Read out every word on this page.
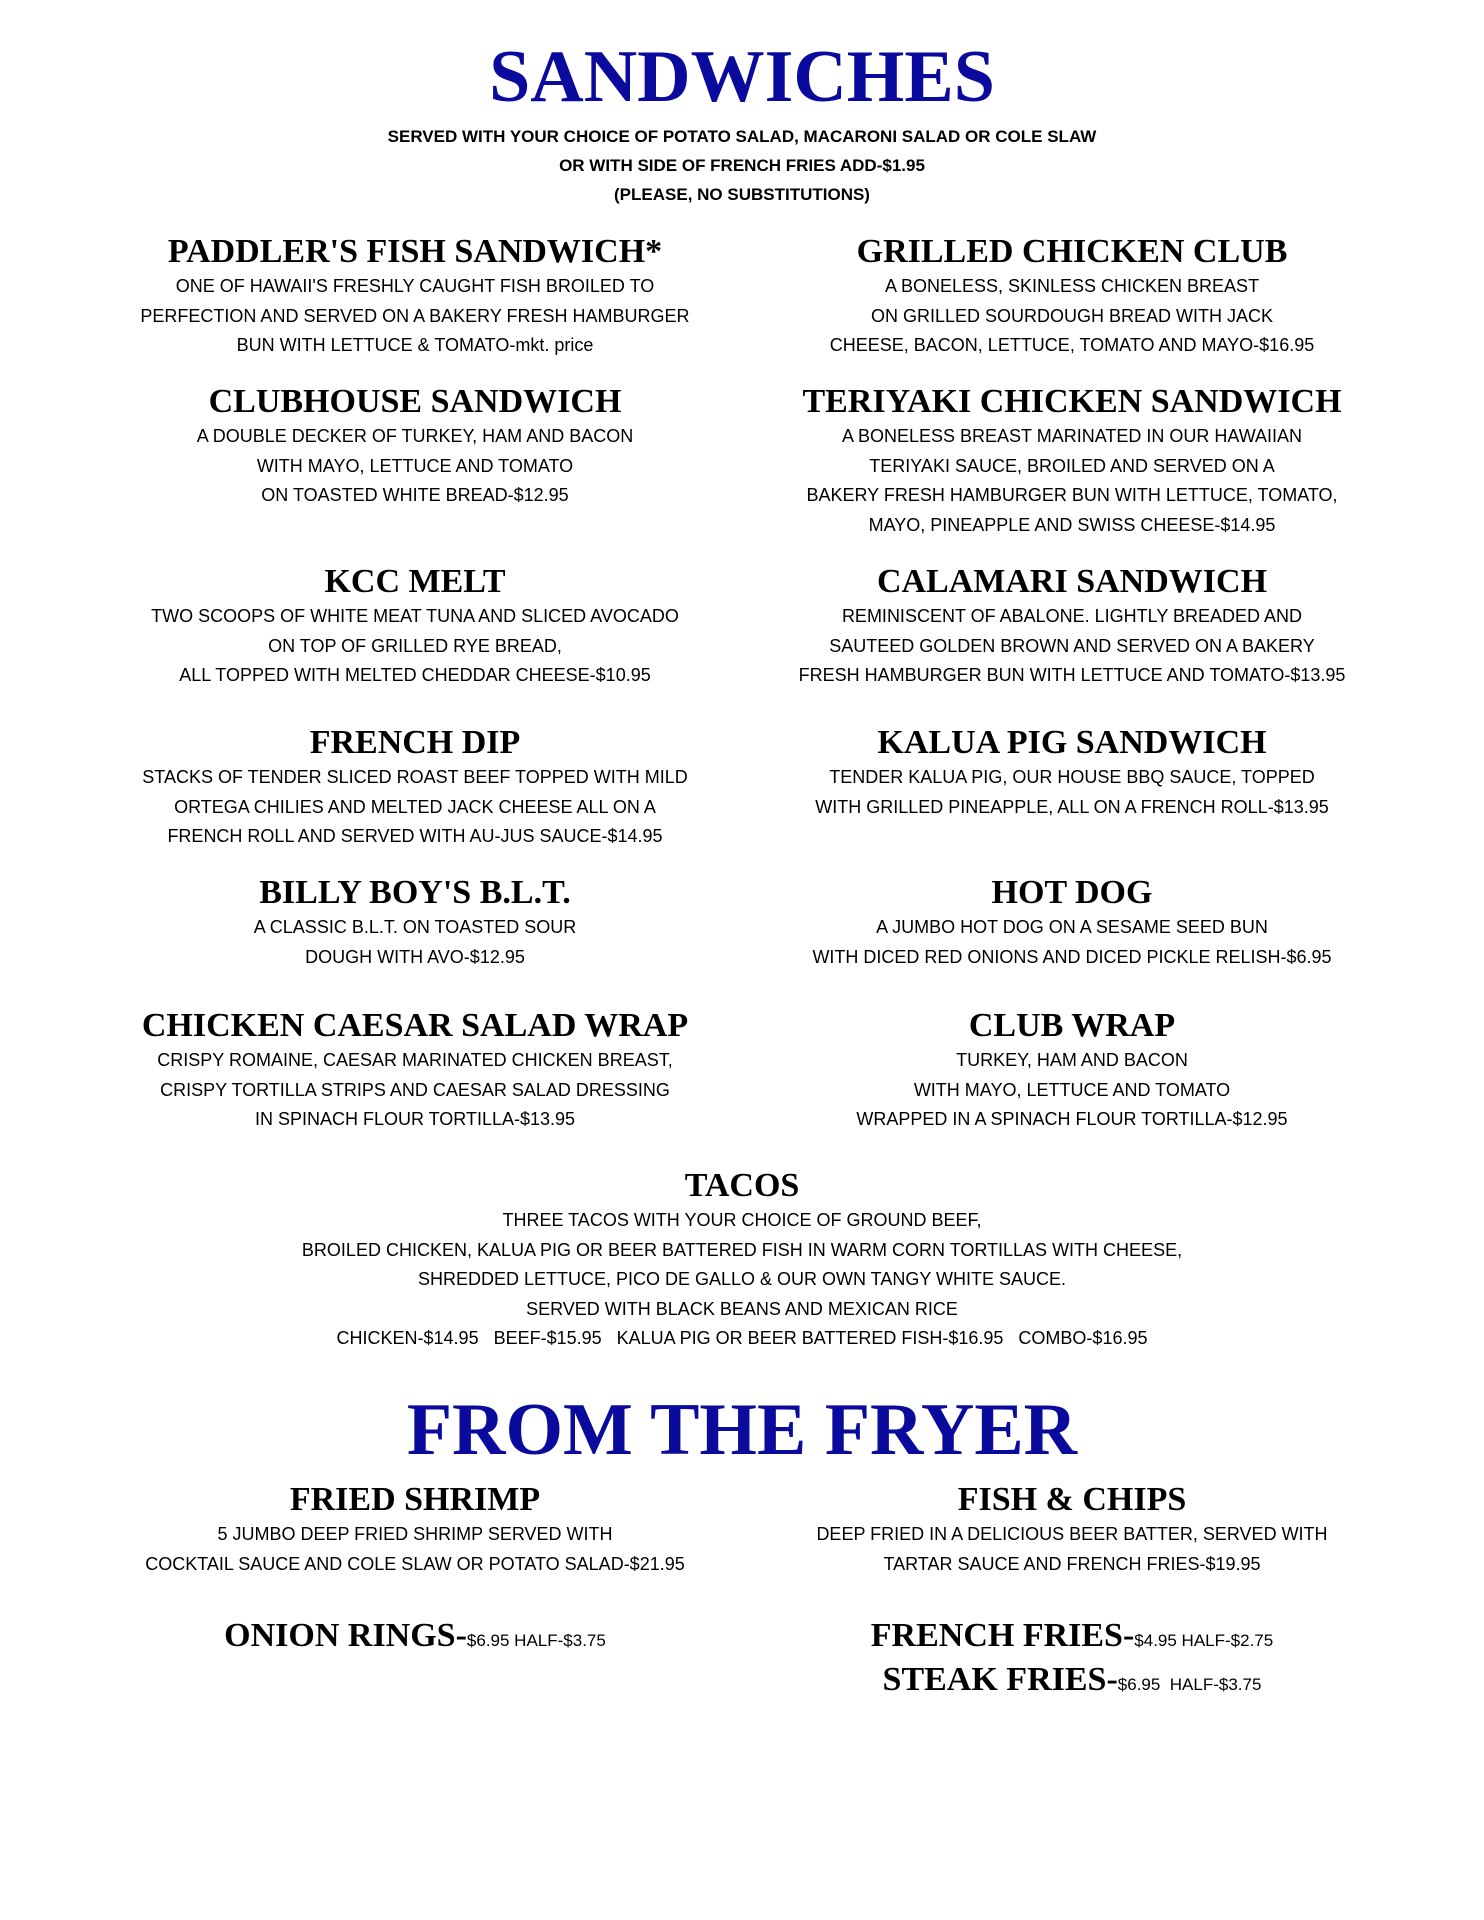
SANDWICHES
SERVED WITH YOUR CHOICE OF POTATO SALAD, MACARONI SALAD OR COLE SLAW
OR WITH SIDE OF FRENCH FRIES ADD-$1.95
(PLEASE, NO SUBSTITUTIONS)
PADDLER'S FISH SANDWICH*
ONE OF HAWAII'S FRESHLY CAUGHT FISH BROILED TO
PERFECTION AND SERVED ON A BAKERY FRESH HAMBURGER
BUN WITH LETTUCE & TOMATO-mkt. price
GRILLED CHICKEN CLUB
A BONELESS, SKINLESS CHICKEN BREAST
ON GRILLED SOURDOUGH BREAD WITH JACK
CHEESE, BACON, LETTUCE, TOMATO AND MAYO-$16.95
CLUBHOUSE SANDWICH
A DOUBLE DECKER OF TURKEY, HAM AND BACON
WITH MAYO, LETTUCE AND TOMATO
ON TOASTED WHITE BREAD-$12.95
TERIYAKI CHICKEN SANDWICH
A BONELESS BREAST MARINATED IN OUR HAWAIIAN
TERIYAKI SAUCE, BROILED AND SERVED ON A
BAKERY FRESH HAMBURGER BUN WITH LETTUCE, TOMATO,
MAYO, PINEAPPLE AND SWISS CHEESE-$14.95
KCC MELT
TWO SCOOPS OF WHITE MEAT TUNA AND SLICED AVOCADO
ON TOP OF GRILLED RYE BREAD,
ALL TOPPED WITH MELTED CHEDDAR CHEESE-$10.95
CALAMARI SANDWICH
REMINISCENT OF ABALONE. LIGHTLY BREADED AND
SAUTEED GOLDEN BROWN AND SERVED ON A BAKERY
FRESH HAMBURGER BUN WITH LETTUCE AND TOMATO-$13.95
FRENCH DIP
STACKS OF TENDER SLICED ROAST BEEF TOPPED WITH MILD
ORTEGA CHILIES AND MELTED JACK CHEESE ALL ON A
FRENCH ROLL AND SERVED WITH AU-JUS SAUCE-$14.95
KALUA PIG SANDWICH
TENDER KALUA PIG, OUR HOUSE BBQ SAUCE, TOPPED
WITH GRILLED PINEAPPLE, ALL ON A FRENCH ROLL-$13.95
BILLY BOY'S B.L.T.
A CLASSIC B.L.T. ON TOASTED SOUR
DOUGH WITH AVO-$12.95
HOT DOG
A JUMBO HOT DOG ON A SESAME SEED BUN
WITH DICED RED ONIONS AND DICED PICKLE RELISH-$6.95
CHICKEN CAESAR SALAD WRAP
CRISPY ROMAINE, CAESAR MARINATED CHICKEN BREAST,
CRISPY TORTILLA STRIPS AND CAESAR SALAD DRESSING
IN SPINACH FLOUR TORTILLA-$13.95
CLUB WRAP
TURKEY, HAM AND BACON
WITH MAYO, LETTUCE AND TOMATO
WRAPPED IN A SPINACH FLOUR TORTILLA-$12.95
TACOS
THREE TACOS WITH YOUR CHOICE OF GROUND BEEF,
BROILED CHICKEN, KALUA PIG OR BEER BATTERED FISH IN WARM CORN TORTILLAS WITH CHEESE,
SHREDDED LETTUCE, PICO DE GALLO & OUR OWN TANGY WHITE SAUCE.
SERVED WITH BLACK BEANS AND MEXICAN RICE
CHICKEN-$14.95   BEEF-$15.95   KALUA PIG OR BEER BATTERED FISH-$16.95   COMBO-$16.95
FROM THE FRYER
FRIED SHRIMP
5 JUMBO DEEP FRIED SHRIMP SERVED WITH
COCKTAIL SAUCE AND COLE SLAW OR POTATO SALAD-$21.95
FISH & CHIPS
DEEP FRIED IN A DELICIOUS BEER BATTER, SERVED WITH
TARTAR SAUCE AND FRENCH FRIES-$19.95
ONION RINGS-$6.95 HALF-$3.75	FRENCH FRIES-$4.95 HALF-$2.75
STEAK FRIES-$6.95  HALF-$3.75
